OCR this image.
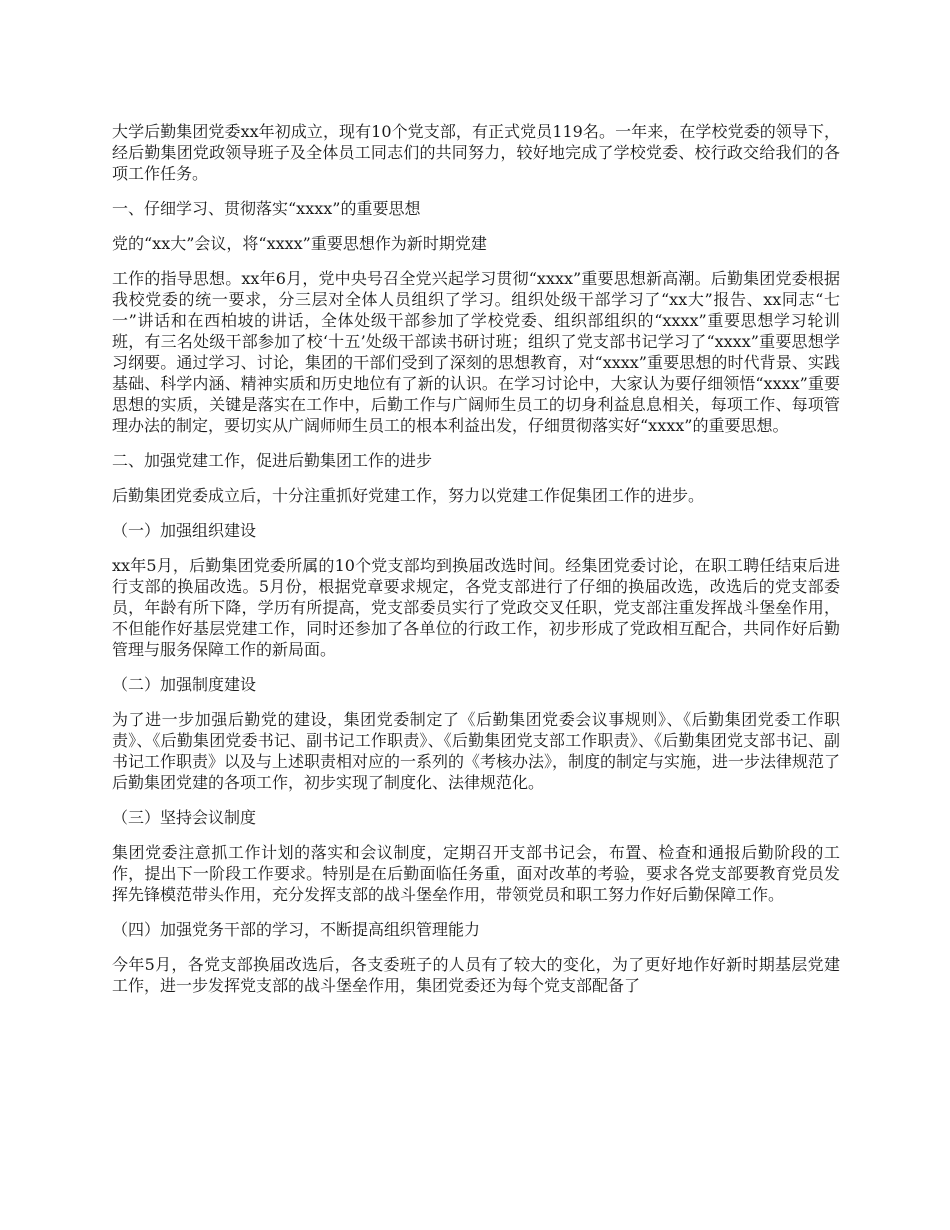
大学后勤集团党委xx年初成立，现有10个党支部，有正式党员119名。一年来，在学校党委的领导下，经后勤集团党政领导班子及全体员工同志们的共同努力，较好地完成了学校党委、校行政交给我们的各项工作任务。

一、仔细学习、贯彻落实“xxxx”的重要思想

党的“xx大”会议，将“xxxx”重要思想作为新时期党建

工作的指导思想。xx年6月，党中央号召全党兴起学习贯彻“xxxx”重要思想新高潮。后勤集团党委根据我校党委的统一要求，分三层对全体人员组织了学习。组织处级干部学习了“xx大”报告、xx同志“七一”讲话和在西柏坡的讲话，全体处级干部参加了学校党委、组织部组织的“xxxx”重要思想学习轮训班，有三名处级干部参加了校‘十五’处级干部读书研讨班；组织了党支部书记学习了“xxxx”重要思想学习纲要。通过学习、讨论，集团的干部们受到了深刻的思想教育，对“xxxx”重要思想的时代背景、实践基础、科学内涵、精神实质和历史地位有了新的认识。在学习讨论中，大家认为要仔细领悟“xxxx”重要思想的实质，关键是落实在工作中，后勤工作与广阔师生员工的切身利益息息相关，每项工作、每项管理办法的制定，要切实从广阔师师生员工的根本利益出发，仔细贯彻落实好“xxxx”的重要思想。

二、加强党建工作，促进后勤集团工作的进步

后勤集团党委成立后，十分注重抓好党建工作，努力以党建工作促集团工作的进步。

（一）加强组织建设

xx年5月，后勤集团党委所属的10个党支部均到换届改选时间。经集团党委讨论，在职工聘任结束后进行支部的换届改选。5月份，根据党章要求规定，各党支部进行了仔细的换届改选，改选后的党支部委员，年龄有所下降，学历有所提高，党支部委员实行了党政交叉任职，党支部注重发挥战斗堡垒作用，不但能作好基层党建工作，同时还参加了各单位的行政工作，初步形成了党政相互配合，共同作好后勤管理与服务保障工作的新局面。

（二）加强制度建设

为了进一步加强后勤党的建设，集团党委制定了《后勤集团党委会议事规则》、《后勤集团党委工作职责》、《后勤集团党委书记、副书记工作职责》、《后勤集团党支部工作职责》、《后勤集团党支部书记、副书记工作职责》以及与上述职责相对应的一系列的《考核办法》，制度的制定与实施，进一步法律规范了后勤集团党建的各项工作，初步实现了制度化、法律规范化。

（三）坚持会议制度

集团党委注意抓工作计划的落实和会议制度，定期召开支部书记会，布置、检查和通报后勤阶段的工作，提出下一阶段工作要求。特别是在后勤面临任务重，面对改革的考验，要求各党支部要教育党员发挥先锋模范带头作用，充分发挥支部的战斗堡垒作用，带领党员和职工努力作好后勤保障工作。

（四）加强党务干部的学习，不断提高组织管理能力

今年5月，各党支部换届改选后，各支委班子的人员有了较大的变化，为了更好地作好新时期基层党建工作，进一步发挥党支部的战斗堡垒作用，集团党委还为每个党支部配备了
